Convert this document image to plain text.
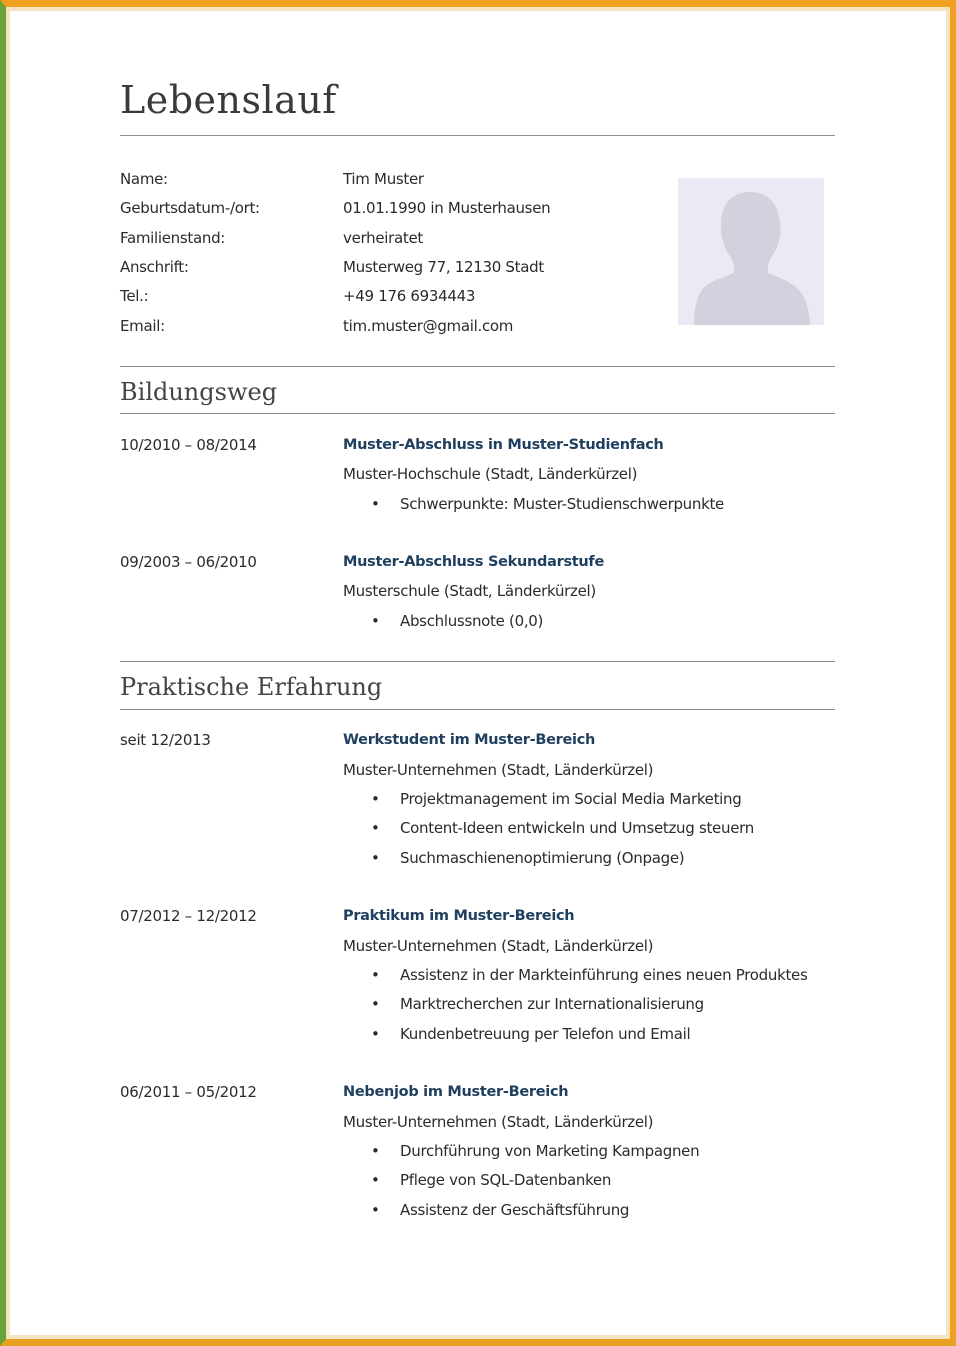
Lebenslauf
Name:	Tim Muster
Geburtsdatum-/ort:	01.01.1990 in Musterhausen
Familienstand:	verheiratet
Anschrift:	Musterweg 77, 12130 Stadt
Tel.:	+49 176 6934443
Email:	tim.muster@gmail.com
Bildungsweg
10/2010 – 08/2014	Muster-Abschluss in Muster-Studienfach
Muster-Hochschule (Stadt, Länderkürzel)
• Schwerpunkte: Muster-Studienschwerpunkte
09/2003 – 06/2010	Muster-Abschluss Sekundarstufe
Musterschule (Stadt, Länderkürzel)
• Abschlussnote (0,0)
Praktische Erfahrung
seit 12/2013	Werkstudent im Muster-Bereich
Muster-Unternehmen (Stadt, Länderkürzel)
• Projektmanagement im Social Media Marketing
• Content-Ideen entwickeln und Umsetzug steuern
• Suchmaschienenoptimierung (Onpage)
07/2012 – 12/2012	Praktikum im Muster-Bereich
Muster-Unternehmen (Stadt, Länderkürzel)
• Assistenz in der Markteinführung eines neuen Produktes
• Marktrecherchen zur Internationalisierung
• Kundenbetreuung per Telefon und Email
06/2011 – 05/2012	Nebenjob im Muster-Bereich
Muster-Unternehmen (Stadt, Länderkürzel)
• Durchführung von Marketing Kampagnen
• Pflege von SQL-Datenbanken
• Assistenz der Geschäftsführung
